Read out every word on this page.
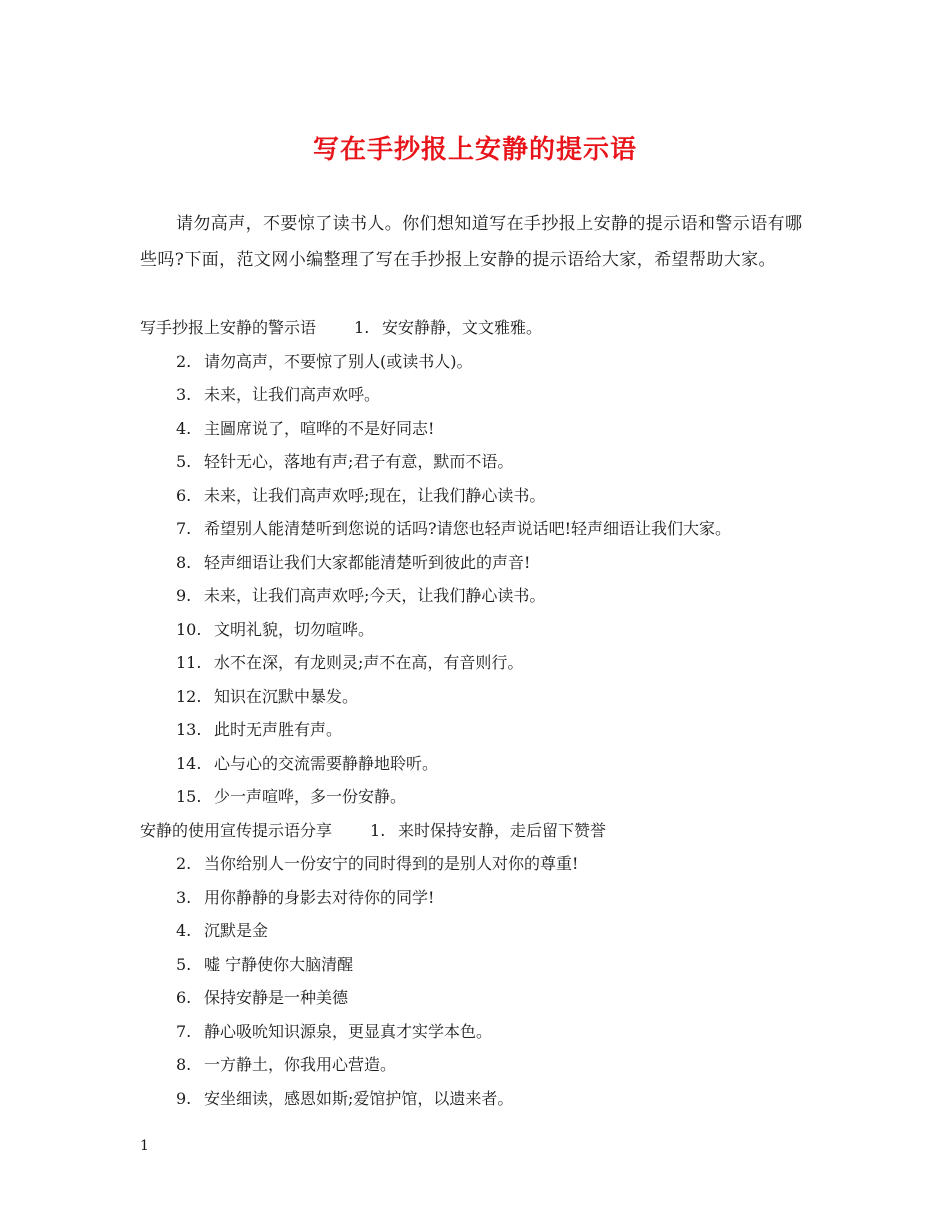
写在手抄报上安静的提示语
请勿高声，不要惊了读书人。你们想知道写在手抄报上安静的提示语和警示语有哪些吗?下面，范文网小编整理了写在手抄报上安静的提示语给大家，希望帮助大家。
写手抄报上安静的警示语 1. 安安静静，文文雅雅。
2. 请勿高声，不要惊了别人(或读书人)。
3. 未来，让我们高声欢呼。
4. 主圖席说了，喧哗的不是好同志!
5. 轻针无心，落地有声;君子有意，默而不语。
6. 未来，让我们高声欢呼;现在，让我们静心读书。
7. 希望别人能清楚听到您说的话吗?请您也轻声说话吧!轻声细语让我们大家。
8. 轻声细语让我们大家都能清楚听到彼此的声音!
9. 未来，让我们高声欢呼;今天，让我们静心读书。
10. 文明礼貌，切勿喧哗。
11. 水不在深，有龙则灵;声不在高，有音则行。
12. 知识在沉默中暴发。
13. 此时无声胜有声。
14. 心与心的交流需要静静地聆听。
15. 少一声喧哗，多一份安静。
安静的使用宣传提示语分享 1. 来时保持安静，走后留下赞誉
2. 当你给别人一份安宁的同时得到的是别人对你的尊重!
3. 用你静静的身影去对待你的同学!
4. 沉默是金
5. 嘘 宁静使你大脑清醒
6. 保持安静是一种美德
7. 静心吸吮知识源泉，更显真才实学本色。
8. 一方静土，你我用心营造。
9. 安坐细读，感恩如斯;爱馆护馆，以遗来者。
1
